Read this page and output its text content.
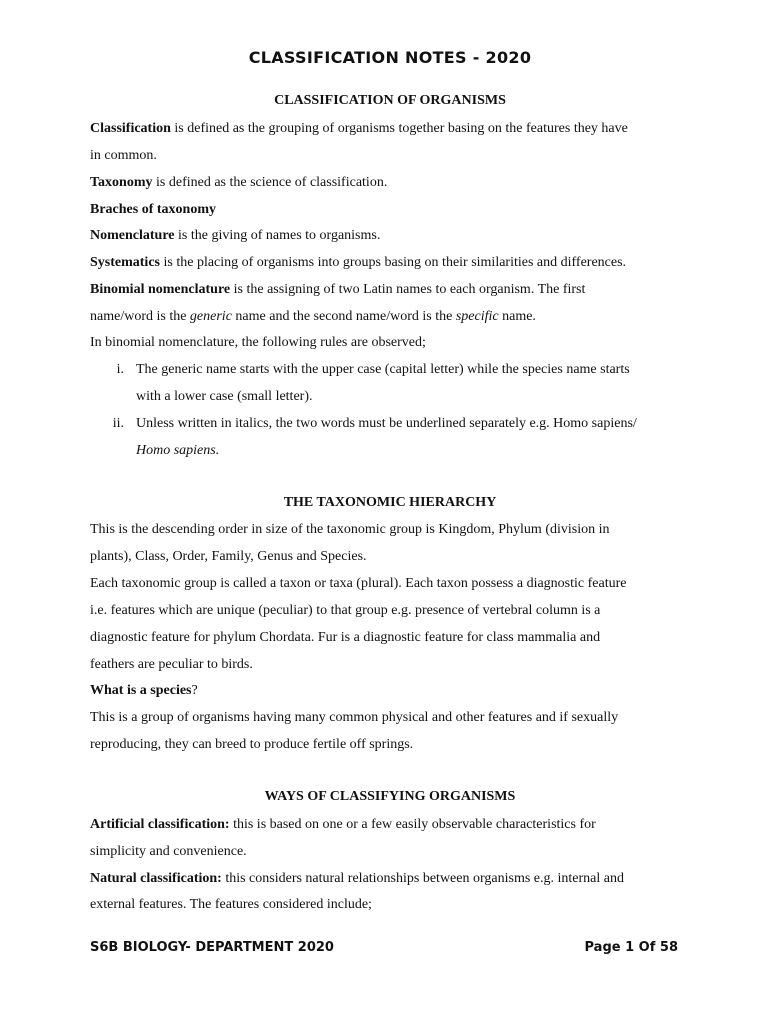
CLASSIFICATION NOTES - 2020
CLASSIFICATION OF ORGANISMS

Classification is defined as the grouping of organisms together basing on the features they have

in common.

Taxonomy is defined as the science of classification.

Braches of taxonomy

Nomenclature is the giving of names to organisms.

Systematics is the placing of organisms into groups basing on their similarities and differences.

Binomial nomenclature is the assigning of two Latin names to each organism. The first

name/word is the generic name and the second name/word is the specific name.

In binomial nomenclature, the following rules are observed;

i. The generic name starts with the upper case (capital letter) while the species name starts
with a lower case (small letter).
ii. Unless written in italics, the two words must be underlined separately e.g. Homo sapiens/
Homo sapiens.
THE TAXONOMIC HIERARCHY

This is the descending order in size of the taxonomic group is Kingdom, Phylum (division in

plants), Class, Order, Family, Genus and Species.

Each taxonomic group is called a taxon or taxa (plural). Each taxon possess a diagnostic feature

i.e. features which are unique (peculiar) to that group e.g. presence of vertebral column is a

diagnostic feature for phylum Chordata. Fur is a diagnostic feature for class mammalia and

feathers are peculiar to birds.

What is a species?

This is a group of organisms having many common physical and other features and if sexually

reproducing, they can breed to produce fertile off springs.

WAYS OF CLASSIFYING ORGANISMS

Artificial classification: this is based on one or a few easily observable characteristics for

simplicity and convenience.

Natural classification: this considers natural relationships between organisms e.g. internal and

external features. The features considered include;

S6B BIOLOGY- DEPARTMENT 2020	Page 1 Of 58
